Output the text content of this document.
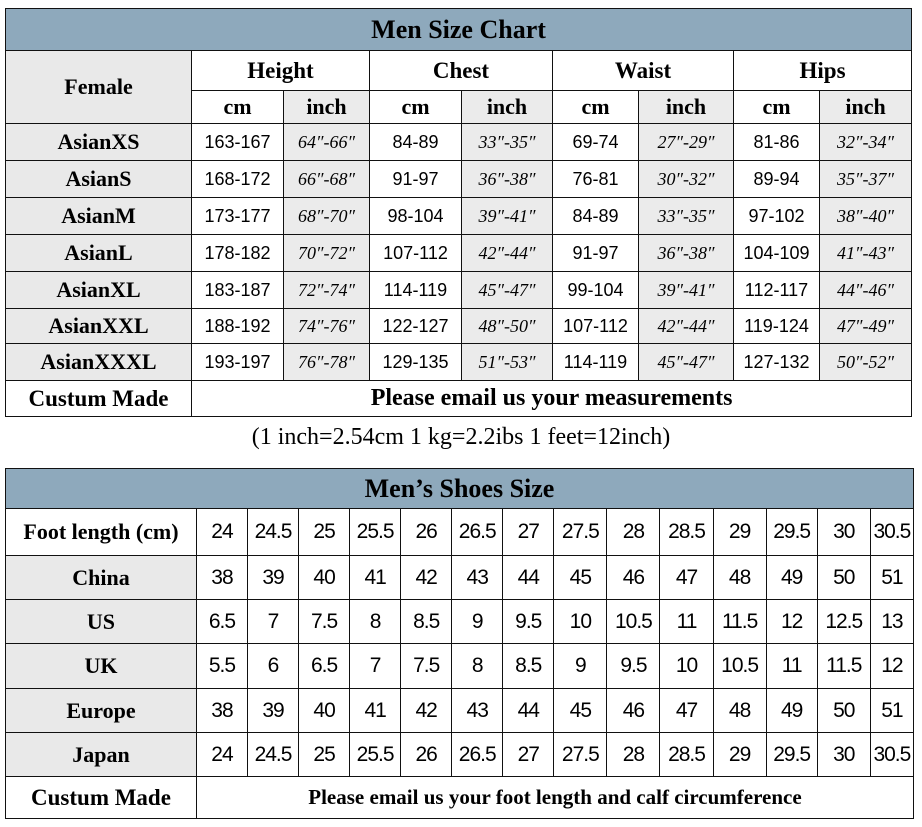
Men Size Chart								
Female	Height		Chest		Waist		Hips	
	cm	inch	cm	inch	cm	inch	cm	inch
AsianXS	163-167	64″-66″	84-89	33″-35″	69-74	27″-29″	81-86	32″-34″
AsianS	168-172	66″-68″	91-97	36″-38″	76-81	30″-32″	89-94	35″-37″
AsianM	173-177	68″-70″	98-104	39″-41″	84-89	33″-35″	97-102	38″-40″
AsianL	178-182	70″-72″	107-112	42″-44″	91-97	36″-38″	104-109	41″-43″
AsianXL	183-187	72″-74″	114-119	45″-47″	99-104	39″-41″	112-117	44″-46″
AsianXXL	188-192	74″-76″	122-127	48″-50″	107-112	42″-44″	119-124	47″-49″
AsianXXXL	193-197	76″-78″	129-135	51″-53″	114-119	45″-47″	127-132	50″-52″
Custum Made	Please email us your measurements							
(1 inch=2.54cm 1 kg=2.2ibs 1 feet=12inch)
Men’s Shoes Size														
Foot length (cm)	24	24.5	25	25.5	26	26.5	27	27.5	28	28.5	29	29.5	30	30.5
China	38	39	40	41	42	43	44	45	46	47	48	49	50	51
US	6.5	7	7.5	8	8.5	9	9.5	10	10.5	11	11.5	12	12.5	13
UK	5.5	6	6.5	7	7.5	8	8.5	9	9.5	10	10.5	11	11.5	12
Europe	38	39	40	41	42	43	44	45	46	47	48	49	50	51
Japan	24	24.5	25	25.5	26	26.5	27	27.5	28	28.5	29	29.5	30	30.5
Custum Made	Please email us your foot length and calf circumference													
